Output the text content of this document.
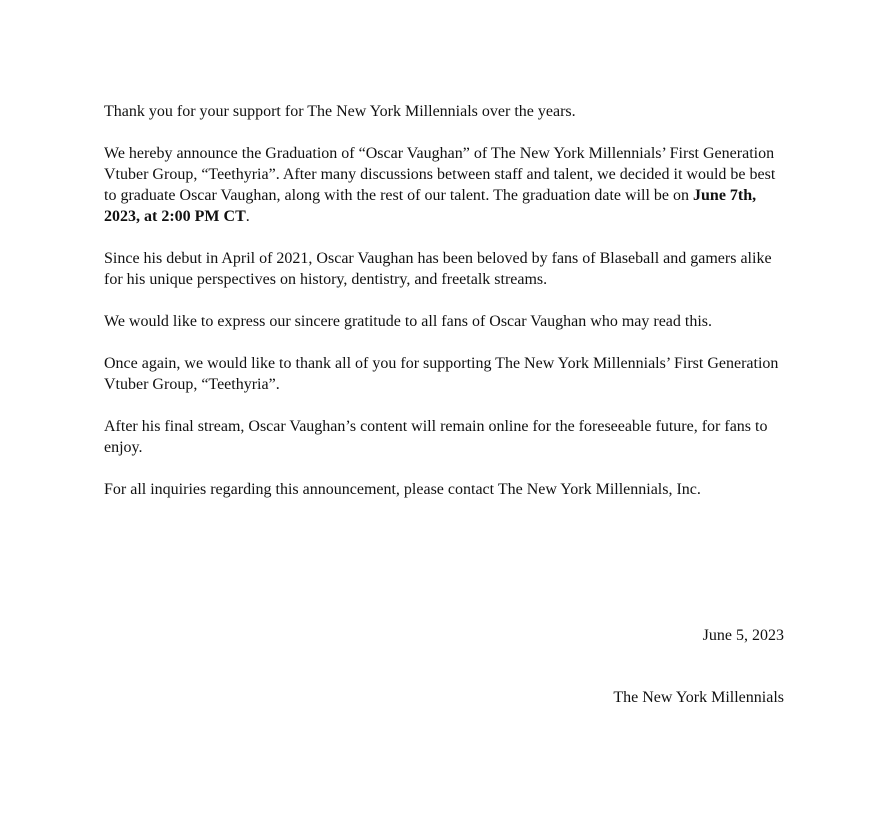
Thank you for your support for The New York Millennials over the years.

We hereby announce the Graduation of “Oscar Vaughan” of The New York Millennials’ First Generation Vtuber Group, “Teethyria”. After many discussions between staff and talent, we decided it would be best to graduate Oscar Vaughan, along with the rest of our talent. The graduation date will be on June 7th, 2023, at 2:00 PM CT.

Since his debut in April of 2021, Oscar Vaughan has been beloved by fans of Blaseball and gamers alike for his unique perspectives on history, dentistry, and freetalk streams.

We would like to express our sincere gratitude to all fans of Oscar Vaughan who may read this.

Once again, we would like to thank all of you for supporting The New York Millennials’ First Generation Vtuber Group, “Teethyria”.

After his final stream, Oscar Vaughan’s content will remain online for the foreseeable future, for fans to enjoy.

For all inquiries regarding this announcement, please contact The New York Millennials, Inc.

June 5, 2023
The New York Millennials
